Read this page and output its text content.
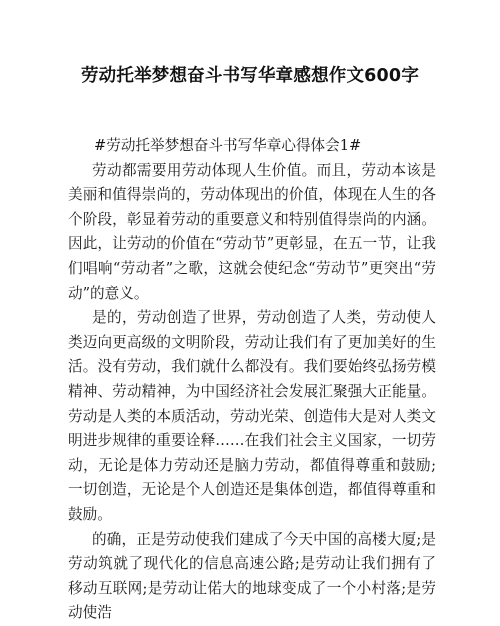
劳动托举梦想奋斗书写华章感想作文600字

#劳动托举梦想奋斗书写华章心得体会1#

劳动都需要用劳动体现人生价值。而且，劳动本该是美丽和值得崇尚的，劳动体现出的价值，体现在人生的各个阶段，彰显着劳动的重要意义和特别值得崇尚的内涵。因此，让劳动的价值在“劳动节”更彰显，在五一节，让我们唱响“劳动者”之歌，这就会使纪念“劳动节”更突出“劳动”的意义。

是的，劳动创造了世界，劳动创造了人类，劳动使人类迈向更高级的文明阶段，劳动让我们有了更加美好的生活。没有劳动，我们就什么都没有。我们要始终弘扬劳模精神、劳动精神，为中国经济社会发展汇聚强大正能量。劳动是人类的本质活动，劳动光荣、创造伟大是对人类文明进步规律的重要诠释……在我们社会主义国家，一切劳动，无论是体力劳动还是脑力劳动，都值得尊重和鼓励;一切创造，无论是个人创造还是集体创造，都值得尊重和鼓励。

的确，正是劳动使我们建成了今天中国的高楼大厦;是劳动筑就了现代化的信息高速公路;是劳动让我们拥有了移动互联网;是劳动让偌大的地球变成了一个小村落;是劳动使浩
